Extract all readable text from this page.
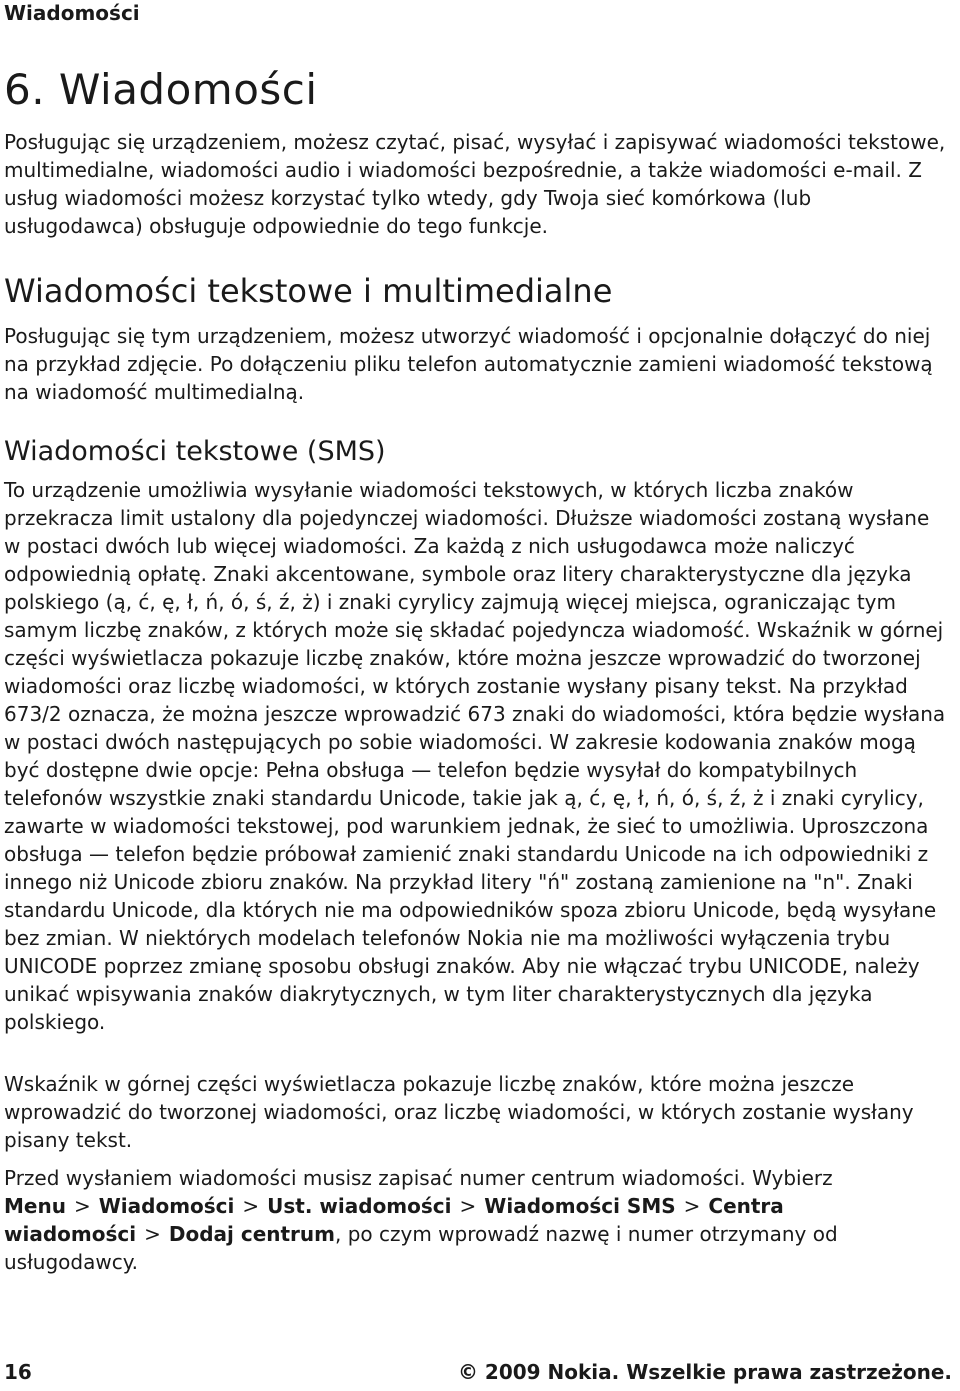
Wiadomości

6. Wiadomości

Posługując się urządzeniem, możesz czytać, pisać, wysyłać i zapisywać wiadomości tekstowe, multimedialne, wiadomości audio i wiadomości bezpośrednie, a także wiadomości e-mail. Z usług wiadomości możesz korzystać tylko wtedy, gdy Twoja sieć komórkowa (lub usługodawca) obsługuje odpowiednie do tego funkcje.

Wiadomości tekstowe i multimedialne

Posługując się tym urządzeniem, możesz utworzyć wiadomość i opcjonalnie dołączyć do niej na przykład zdjęcie. Po dołączeniu pliku telefon automatycznie zamieni wiadomość tekstową na wiadomość multimedialną.

Wiadomości tekstowe (SMS)

To urządzenie umożliwia wysyłanie wiadomości tekstowych, w których liczba znaków przekracza limit ustalony dla pojedynczej wiadomości. Dłuższe wiadomości zostaną wysłane w postaci dwóch lub więcej wiadomości. Za każdą z nich usługodawca może naliczyć odpowiednią opłatę. Znaki akcentowane, symbole oraz litery charakterystyczne dla języka polskiego (ą, ć, ę, ł, ń, ó, ś, ź, ż) i znaki cyrylicy zajmują więcej miejsca, ograniczając tym samym liczbę znaków, z których może się składać pojedyncza wiadomość. Wskaźnik w górnej części wyświetlacza pokazuje liczbę znaków, które można jeszcze wprowadzić do tworzonej wiadomości oraz liczbę wiadomości, w których zostanie wysłany pisany tekst. Na przykład 673/2 oznacza, że można jeszcze wprowadzić 673 znaki do wiadomości, która będzie wysłana w postaci dwóch następujących po sobie wiadomości. W zakresie kodowania znaków mogą być dostępne dwie opcje: Pełna obsługa — telefon będzie wysyłał do kompatybilnych telefonów wszystkie znaki standardu Unicode, takie jak ą, ć, ę, ł, ń, ó, ś, ź, ż i znaki cyrylicy, zawarte w wiadomości tekstowej, pod warunkiem jednak, że sieć to umożliwia. Uproszczona obsługa — telefon będzie próbował zamienić znaki standardu Unicode na ich odpowiedniki z innego niż Unicode zbioru znaków. Na przykład litery "ń" zostaną zamienione na "n". Znaki standardu Unicode, dla których nie ma odpowiedników spoza zbioru Unicode, będą wysyłane bez zmian. W niektórych modelach telefonów Nokia nie ma możliwości wyłączenia trybu UNICODE poprzez zmianę sposobu obsługi znaków. Aby nie włączać trybu UNICODE, należy unikać wpisywania znaków diakrytycznych, w tym liter charakterystycznych dla języka polskiego.

Wskaźnik w górnej części wyświetlacza pokazuje liczbę znaków, które można jeszcze wprowadzić do tworzonej wiadomości, oraz liczbę wiadomości, w których zostanie wysłany pisany tekst.

Przed wysłaniem wiadomości musisz zapisać numer centrum wiadomości. Wybierz Menu > Wiadomości > Ust. wiadomości > Wiadomości SMS > Centra wiadomości > Dodaj centrum, po czym wprowadź nazwę i numer otrzymany od usługodawcy.

16	© 2009 Nokia. Wszelkie prawa zastrzeżone.
